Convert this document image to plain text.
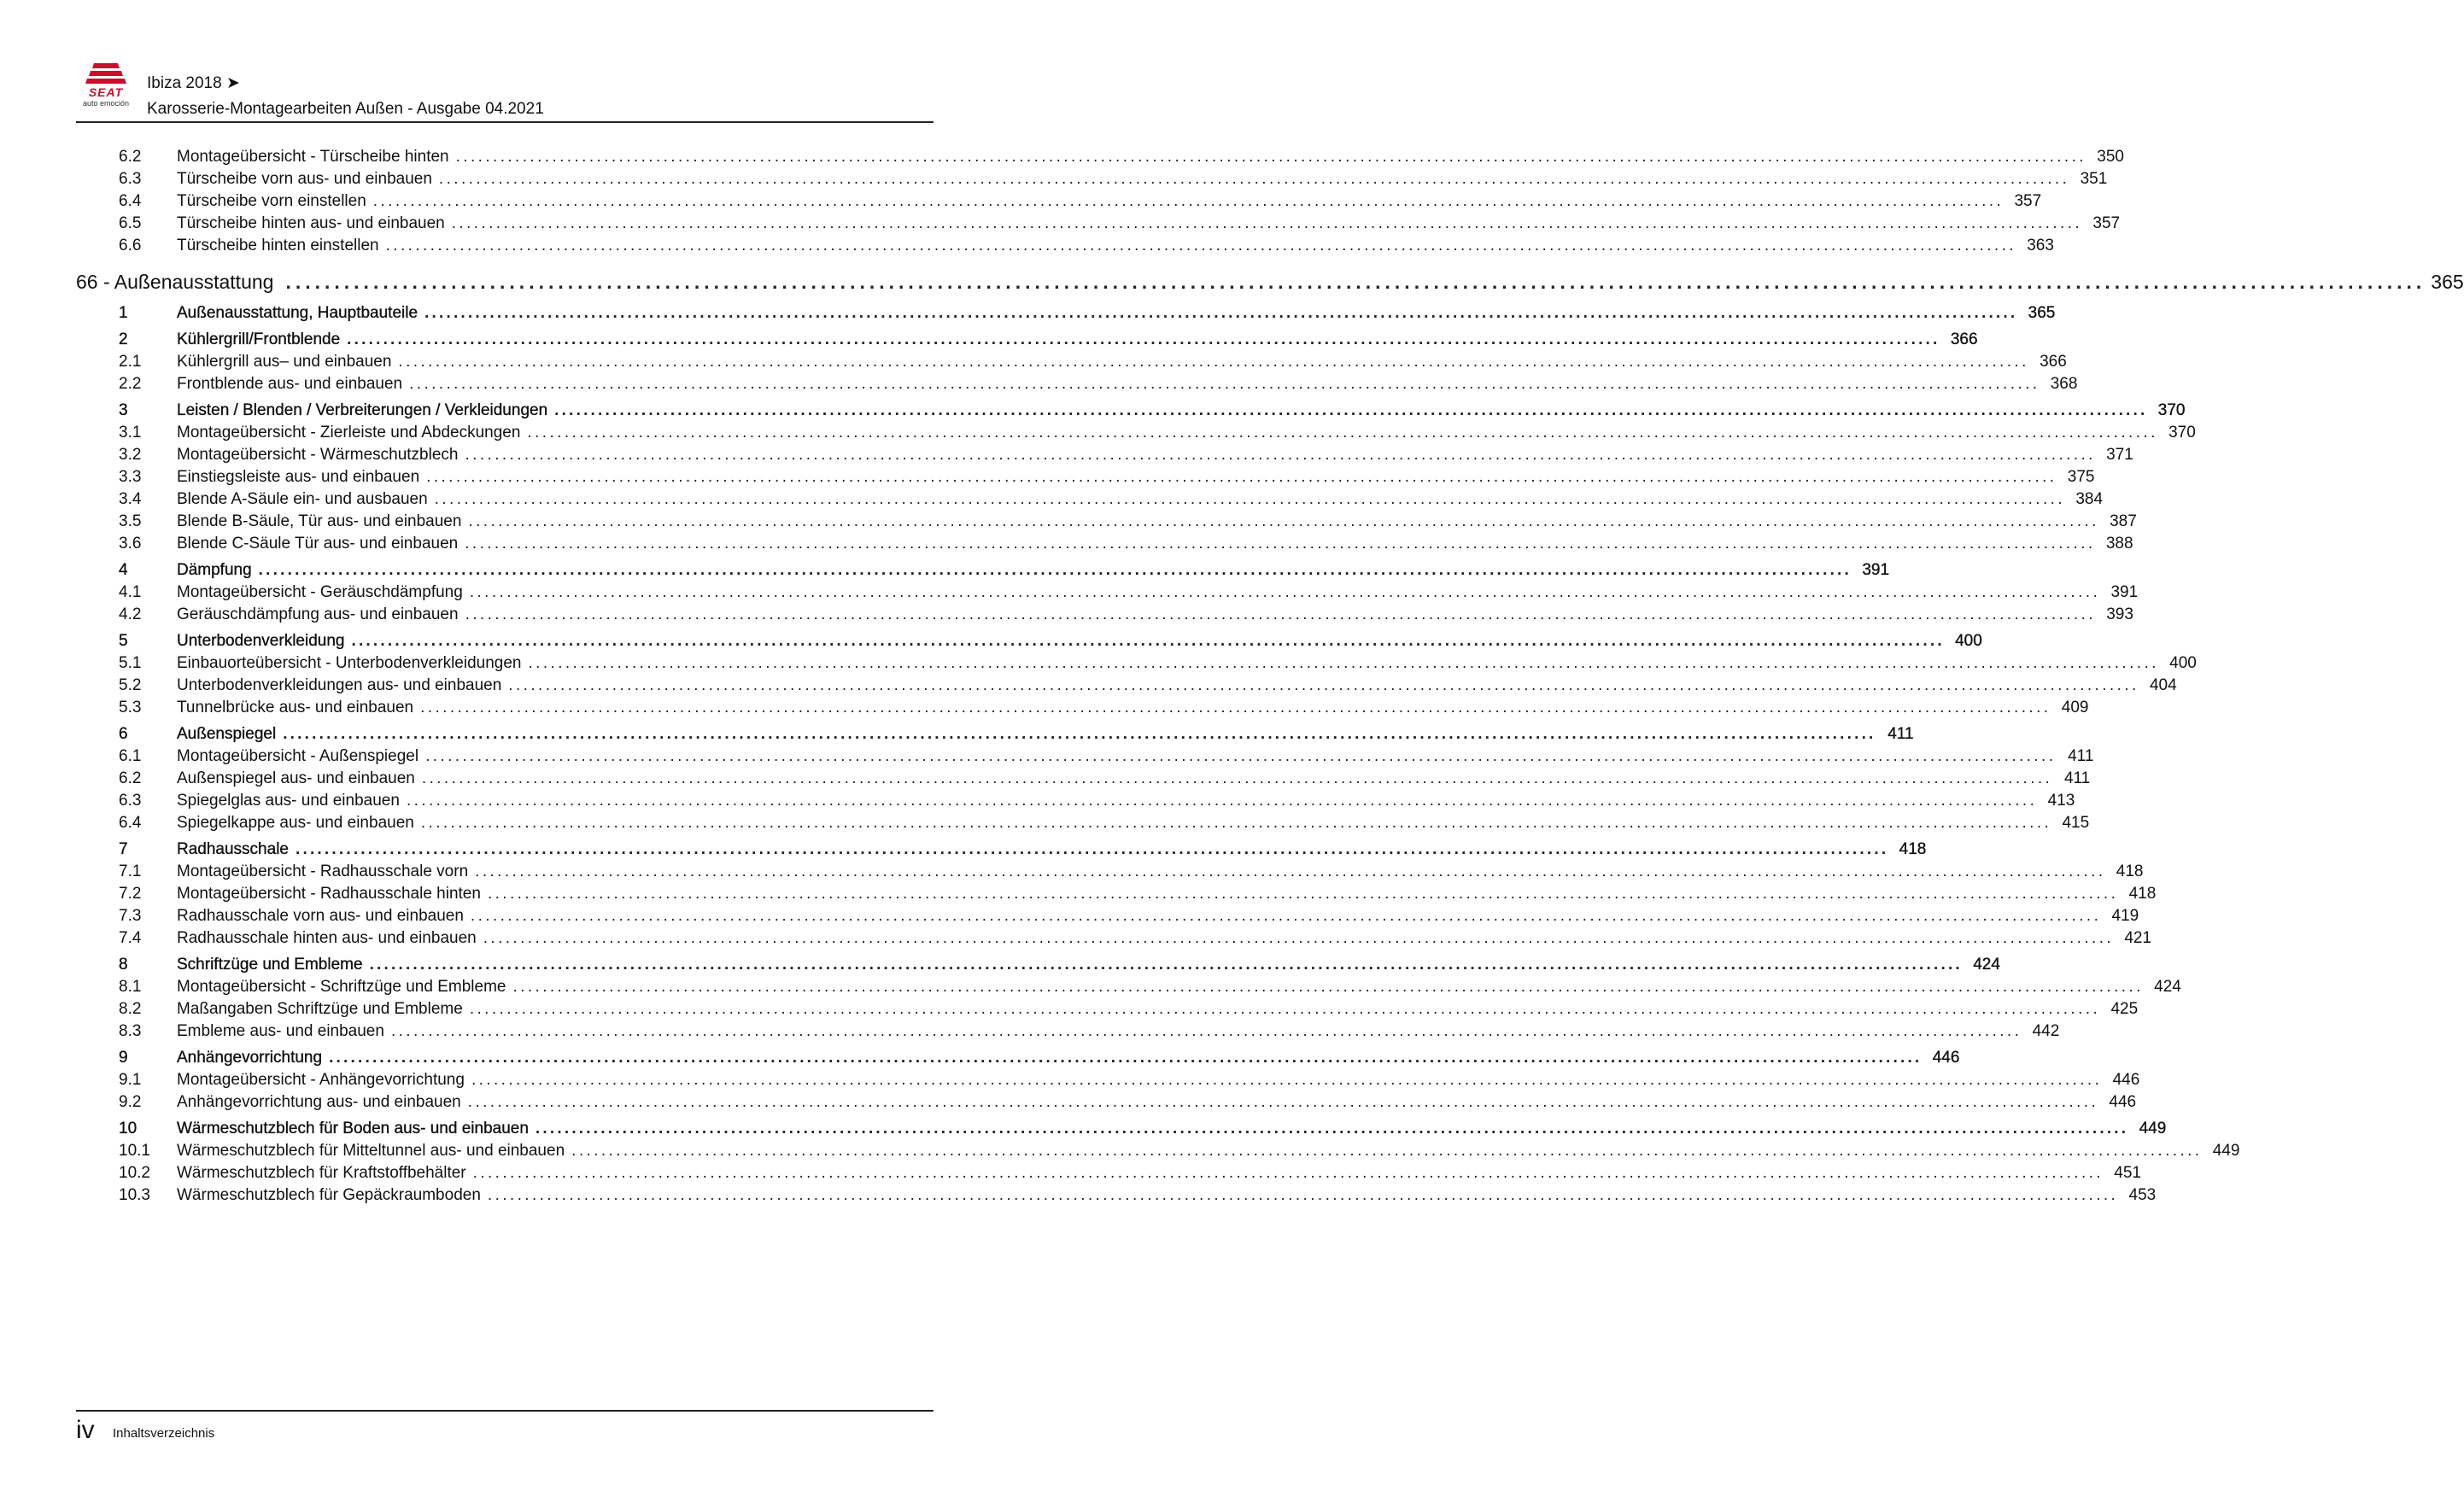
SEAT
auto emoción
Ibiza 2018 ➤
Karosserie-Montagearbeiten Außen - Ausgabe 04.2021
6.2 Montageübersicht - Türscheibe hinten ............................................................................................................................................................................................................................ 350
6.3 Türscheibe vorn aus- und einbauen ............................................................................................................................................................................................................................ 351
6.4 Türscheibe vorn einstellen ............................................................................................................................................................................................................................ 357
6.5 Türscheibe hinten aus- und einbauen ............................................................................................................................................................................................................................ 357
6.6 Türscheibe hinten einstellen ............................................................................................................................................................................................................................ 363
66 - Außenausstattung ............................................................................................................................................................................................................................ 365
1	Außenausstattung, Hauptbauteile ............................................................................................................................................................................................................................ 365
2	Kühlergrill/Frontblende ............................................................................................................................................................................................................................ 366
2.1 Kühlergrill aus– und einbauen ............................................................................................................................................................................................................................ 366
2.2 Frontblende aus- und einbauen ............................................................................................................................................................................................................................ 368
3	Leisten / Blenden / Verbreiterungen / Verkleidungen ............................................................................................................................................................................................................................ 370
3.1 Montageübersicht - Zierleiste und Abdeckungen ............................................................................................................................................................................................................................ 370
3.2 Montageübersicht - Wärmeschutzblech ............................................................................................................................................................................................................................ 371
3.3 Einstiegsleiste aus- und einbauen ............................................................................................................................................................................................................................ 375
3.4 Blende A-Säule ein- und ausbauen ............................................................................................................................................................................................................................ 384
3.5 Blende B-Säule, Tür aus- und einbauen ............................................................................................................................................................................................................................ 387
3.6 Blende C-Säule Tür aus- und einbauen ............................................................................................................................................................................................................................ 388
4	Dämpfung ............................................................................................................................................................................................................................ 391
4.1 Montageübersicht - Geräuschdämpfung ............................................................................................................................................................................................................................ 391
4.2 Geräuschdämpfung aus- und einbauen ............................................................................................................................................................................................................................ 393
5	Unterbodenverkleidung ............................................................................................................................................................................................................................ 400
5.1 Einbauorteübersicht - Unterbodenverkleidungen ............................................................................................................................................................................................................................ 400
5.2 Unterbodenverkleidungen aus- und einbauen ............................................................................................................................................................................................................................ 404
5.3 Tunnelbrücke aus- und einbauen ............................................................................................................................................................................................................................ 409
6	Außenspiegel ............................................................................................................................................................................................................................ 411
6.1 Montageübersicht - Außenspiegel ............................................................................................................................................................................................................................ 411
6.2 Außenspiegel aus- und einbauen ............................................................................................................................................................................................................................ 411
6.3 Spiegelglas aus- und einbauen ............................................................................................................................................................................................................................ 413
6.4 Spiegelkappe aus- und einbauen ............................................................................................................................................................................................................................ 415
7	Radhausschale ............................................................................................................................................................................................................................ 418
7.1 Montageübersicht - Radhausschale vorn ............................................................................................................................................................................................................................ 418
7.2 Montageübersicht - Radhausschale hinten ............................................................................................................................................................................................................................ 418
7.3 Radhausschale vorn aus- und einbauen ............................................................................................................................................................................................................................ 419
7.4 Radhausschale hinten aus- und einbauen ............................................................................................................................................................................................................................ 421
8	Schriftzüge und Embleme ............................................................................................................................................................................................................................ 424
8.1 Montageübersicht - Schriftzüge und Embleme ............................................................................................................................................................................................................................ 424
8.2 Maßangaben Schriftzüge und Embleme ............................................................................................................................................................................................................................ 425
8.3 Embleme aus- und einbauen ............................................................................................................................................................................................................................ 442
9	Anhängevorrichtung ............................................................................................................................................................................................................................ 446
9.1 Montageübersicht - Anhängevorrichtung ............................................................................................................................................................................................................................ 446
9.2 Anhängevorrichtung aus- und einbauen ............................................................................................................................................................................................................................ 446
10 Wärmeschutzblech für Boden aus- und einbauen ............................................................................................................................................................................................................................ 449
10.1 Wärmeschutzblech für Mitteltunnel aus- und einbauen ............................................................................................................................................................................................................................ 449
10.2 Wärmeschutzblech für Kraftstoffbehälter ............................................................................................................................................................................................................................ 451
10.3 Wärmeschutzblech für Gepäckraumboden ............................................................................................................................................................................................................................ 453
iv Inhaltsverzeichnis
